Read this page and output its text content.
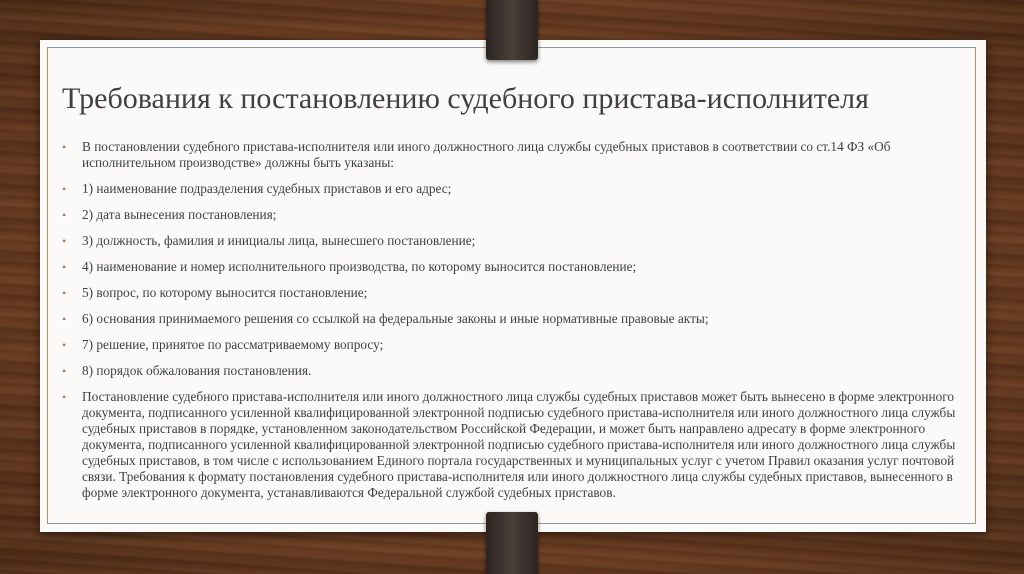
Требования к постановлению судебного пристава-исполнителя
• В постановлении судебного пристава-исполнителя или иного должностного лица службы судебных приставов в соответствии со ст.14 ФЗ «Об исполнительном производстве» должны быть указаны:
• 1) наименование подразделения судебных приставов и его адрес;
• 2) дата вынесения постановления;
• 3) должность, фамилия и инициалы лица, вынесшего постановление;
• 4) наименование и номер исполнительного производства, по которому выносится постановление;
• 5) вопрос, по которому выносится постановление;
• 6) основания принимаемого решения со ссылкой на федеральные законы и иные нормативные правовые акты;
• 7) решение, принятое по рассматриваемому вопросу;
• 8) порядок обжалования постановления.
• Постановление судебного пристава-исполнителя или иного должностного лица службы судебных приставов может быть вынесено в форме электронного документа, подписанного усиленной квалифицированной электронной подписью судебного пристава-исполнителя или иного должностного лица службы судебных приставов в порядке, установленном законодательством Российской Федерации, и может быть направлено адресату в форме электронного документа, подписанного усиленной квалифицированной электронной подписью судебного пристава-исполнителя или иного должностного лица службы судебных приставов, в том числе с использованием Единого портала государственных и муниципальных услуг с учетом Правил оказания услуг почтовой связи. Требования к формату постановления судебного пристава-исполнителя или иного должностного лица службы судебных приставов, вынесенного в форме электронного документа, устанавливаются Федеральной службой судебных приставов.
